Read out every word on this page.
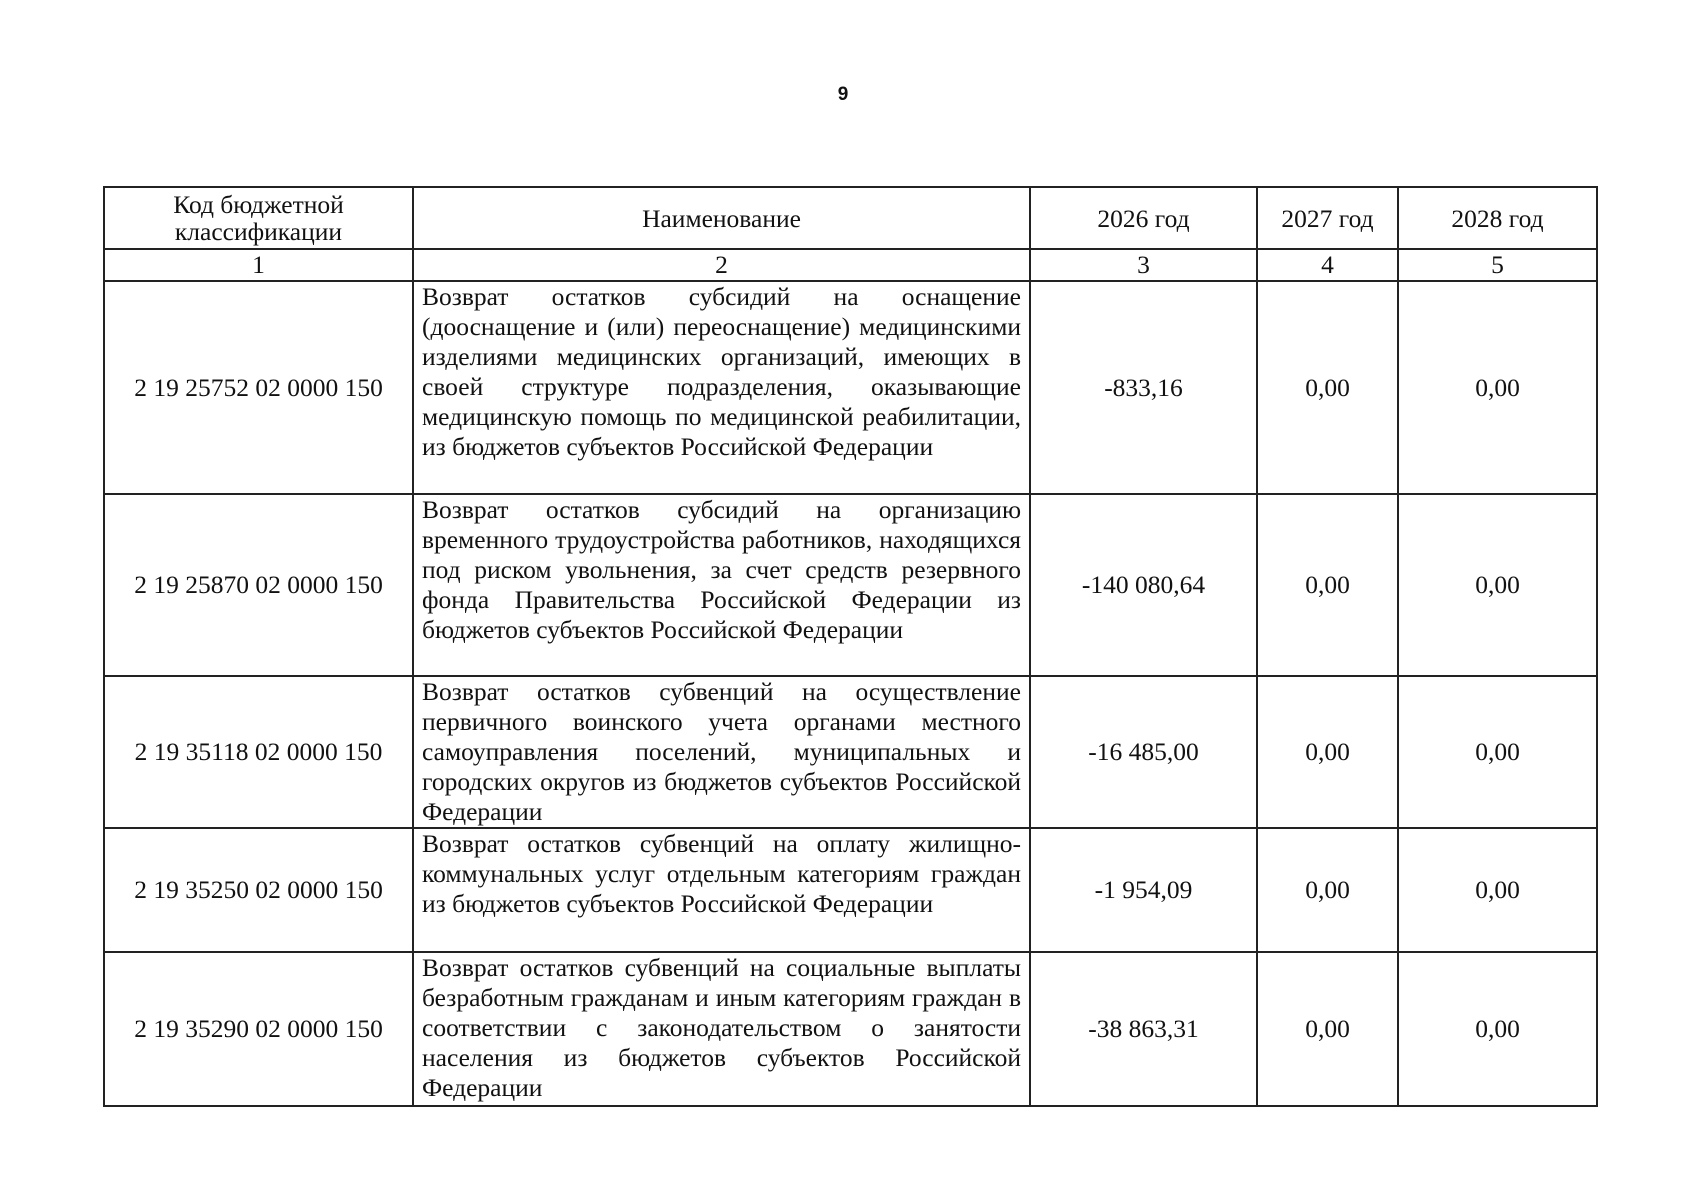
9
Код бюджетной классификации	Наименование	2026 год	2027 год	2028 год
1	2	3	4	5
2 19 25752 02 0000 150	Возврат остатков субсидий на оснащение (дооснащение и (или) переоснащение) медицинскими изделиями медицинских организаций, имеющих в своей структуре подразделения, оказывающие медицинскую помощь по медицинской реабилитации, из бюджетов субъектов Российской Федерации	-833,16	0,00	0,00
2 19 25870 02 0000 150	Возврат остатков субсидий на организацию временного трудоустройства работников, находящихся под риском увольнения, за счет средств резервного фонда Правительства Российской Федерации из бюджетов субъектов Российской Федерации	-140 080,64	0,00	0,00
2 19 35118 02 0000 150	Возврат остатков субвенций на осуществление первичного воинского учета органами местного самоуправления поселений, муниципальных и городских округов из бюджетов субъектов Российской Федерации	-16 485,00	0,00	0,00
2 19 35250 02 0000 150	Возврат остатков субвенций на оплату жилищно-коммунальных услуг отдельным категориям граждан из бюджетов субъектов Российской Федерации	-1 954,09	0,00	0,00
2 19 35290 02 0000 150	Возврат остатков субвенций на социальные выплаты безработным гражданам и иным категориям граждан в соответствии с законодательством о занятости населения из бюджетов субъектов Российской Федерации	-38 863,31	0,00	0,00
